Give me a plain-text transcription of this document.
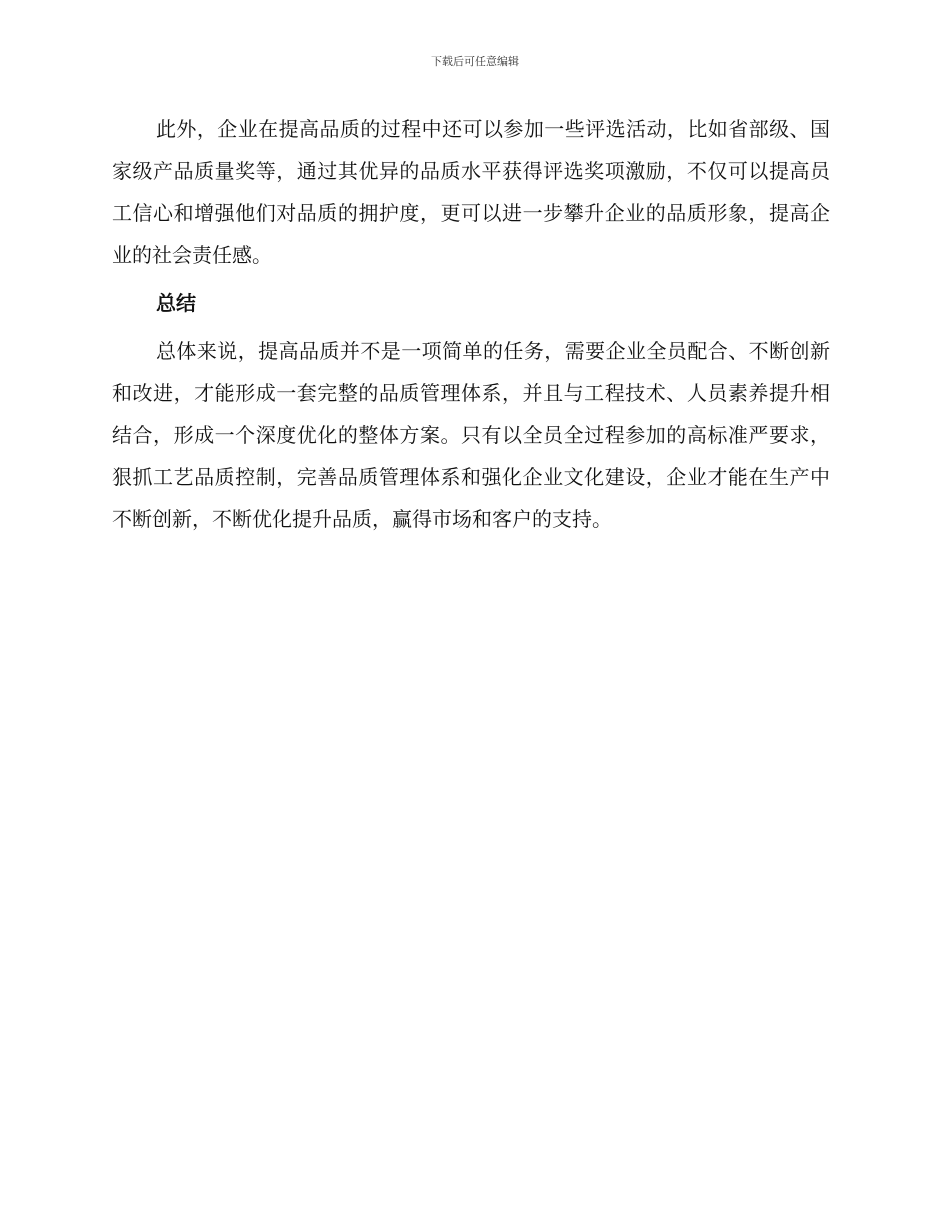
下载后可任意编辑

此外，企业在提高品质的过程中还可以参加一些评选活动，比如省部级、国家级产品质量奖等，通过其优异的品质水平获得评选奖项激励，不仅可以提高员工信心和增强他们对品质的拥护度，更可以进一步攀升企业的品质形象，提高企业的社会责任感。

总结

总体来说，提高品质并不是一项简单的任务，需要企业全员配合、不断创新和改进，才能形成一套完整的品质管理体系，并且与工程技术、人员素养提升相结合，形成一个深度优化的整体方案。只有以全员全过程参加的高标准严要求，狠抓工艺品质控制，完善品质管理体系和强化企业文化建设，企业才能在生产中不断创新，不断优化提升品质，赢得市场和客户的支持。
